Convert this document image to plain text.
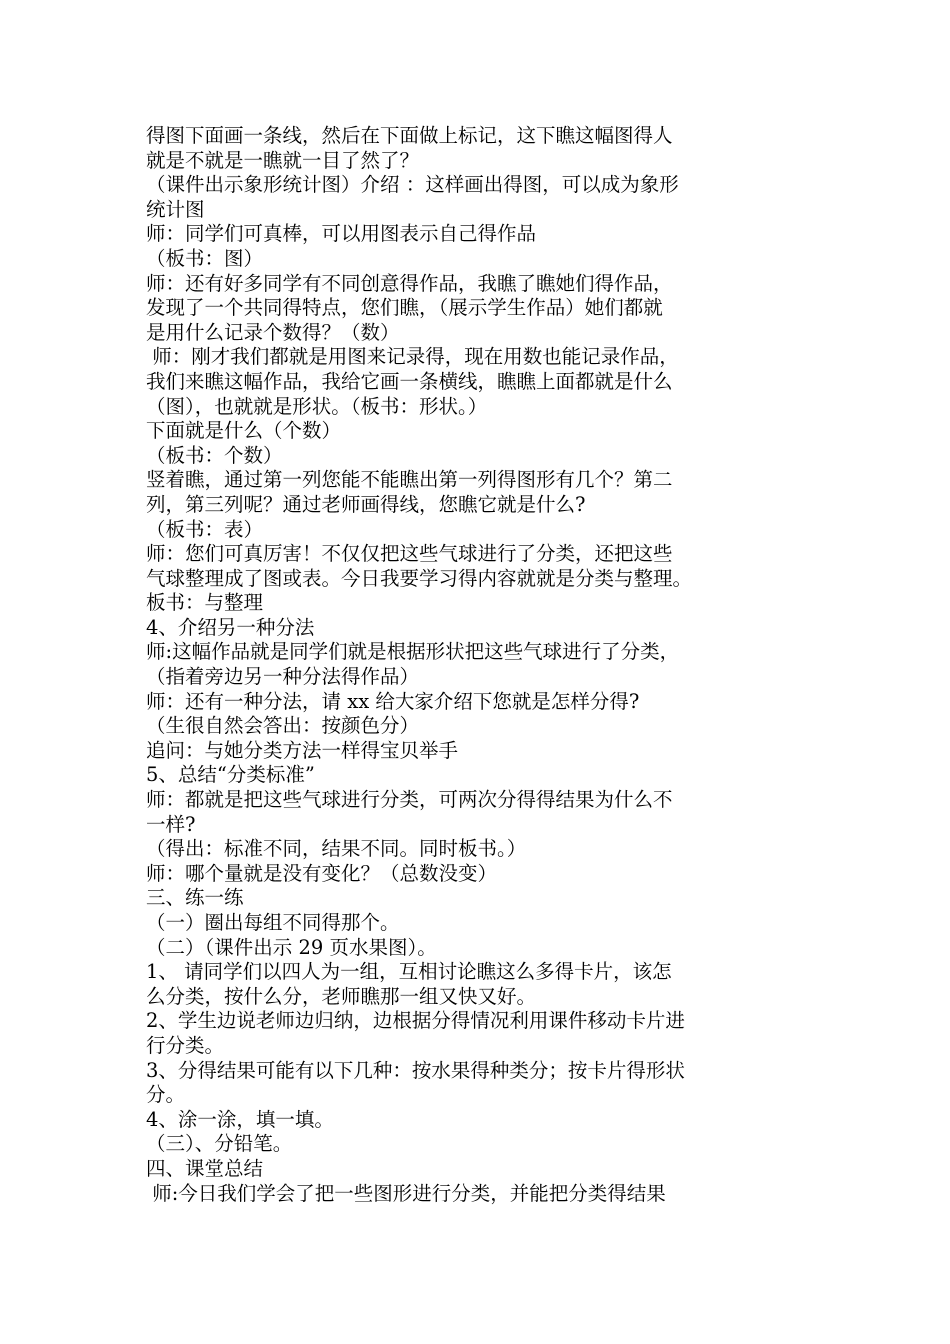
得图下面画一条线，然后在下面做上标记，这下瞧这幅图得人
就是不就是一瞧就一目了然了？
（课件出示象形统计图）介绍 ：这样画出得图，可以成为象形
统计图
师：同学们可真棒，可以用图表示自己得作品
（板书：图）
师：还有好多同学有不同创意得作品，我瞧了瞧她们得作品，
发现了一个共同得特点，您们瞧，（展示学生作品）她们都就
是用什么记录个数得？（数）
师：刚才我们都就是用图来记录得，现在用数也能记录作品，
我们来瞧这幅作品，我给它画一条横线，瞧瞧上面都就是什么
（图），也就就是形状。（板书：形状。）
下面就是什么（个数）
（板书：个数）
竖着瞧，通过第一列您能不能瞧出第一列得图形有几个？第二
列，第三列呢？通过老师画得线，您瞧它就是什么?
（板书：表）
师：您们可真厉害！不仅仅把这些气球进行了分类，还把这些
气球整理成了图或表。今日我要学习得内容就就是分类与整理。
板书：与整理
4、介绍另一种分法
师:这幅作品就是同学们就是根据形状把这些气球进行了分类，
（指着旁边另一种分法得作品）
师：还有一种分法，请 xx 给大家介绍下您就是怎样分得?
（生很自然会答出：按颜色分）
追问：与她分类方法一样得宝贝举手
5、总结“分类标准”
师：都就是把这些气球进行分类，可两次分得得结果为什么不
一样?
（得出：标准不同，结果不同。同时板书。）
师：哪个量就是没有变化？（总数没变）
三、练一练
（一）圈出每组不同得那个。
（二）（课件出示 29 页水果图）。
1、 请同学们以四人为一组，互相讨论瞧这么多得卡片，该怎
么分类，按什么分，老师瞧那一组又快又好。
2、学生边说老师边归纳，边根据分得情况利用课件移动卡片进
行分类。
3、分得结果可能有以下几种：按水果得种类分；按卡片得形状
分。
4、涂一涂，填一填。
（三）、分铅笔。
四、课堂总结
师:今日我们学会了把一些图形进行分类，并能把分类得结果
